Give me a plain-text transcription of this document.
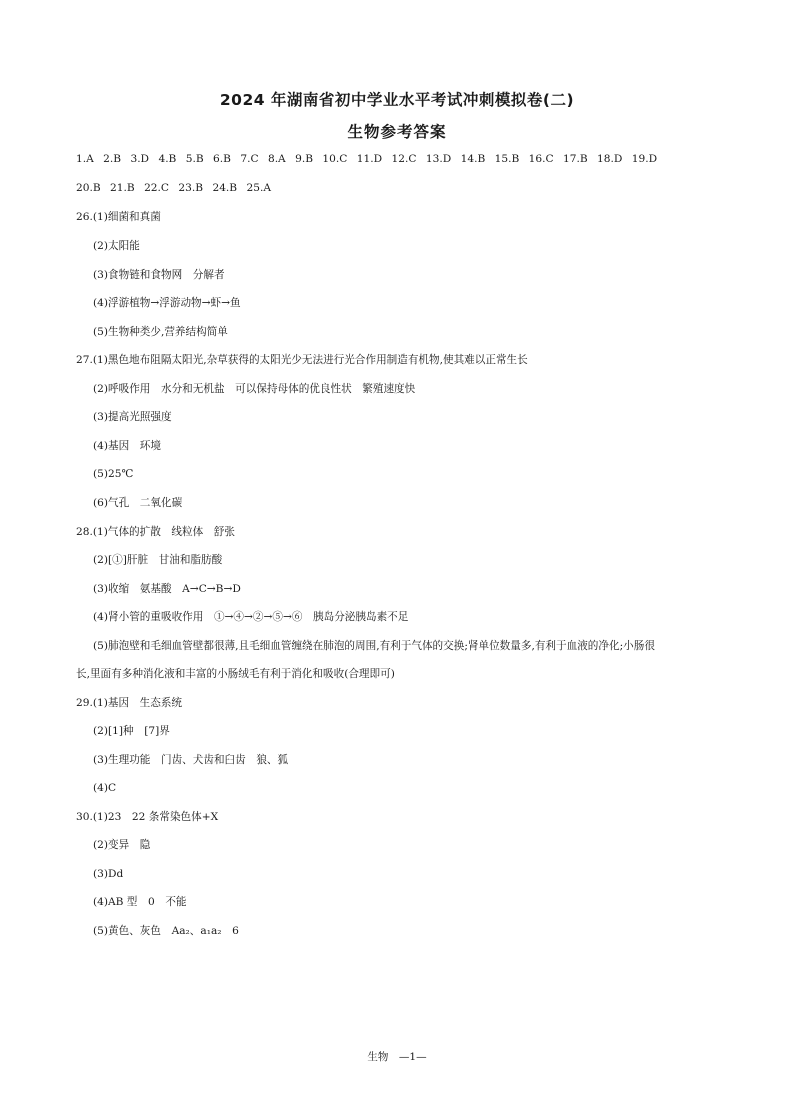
2024 年湖南省初中学业水平考试冲刺模拟卷(二)
生物参考答案
1.A 2.B 3.D 4.B 5.B 6.B 7.C 8.A 9.B 10.C 11.D 12.C 13.D 14.B 15.B 16.C 17.B 18.D 19.D
20.B 21.B 22.C 23.B 24.B 25.A
26.(1)细菌和真菌
(2)太阳能
(3)食物链和食物网　分解者
(4)浮游植物→浮游动物→虾→鱼
(5)生物种类少,营养结构简单
27.(1)黑色地布阻隔太阳光,杂草获得的太阳光少无法进行光合作用制造有机物,使其难以正常生长
(2)呼吸作用　水分和无机盐　可以保持母体的优良性状　繁殖速度快
(3)提高光照强度
(4)基因　环境
(5)25℃
(6)气孔　二氧化碳
28.(1)气体的扩散　线粒体　舒张
(2)[①]肝脏　甘油和脂肪酸
(3)收缩　氨基酸　A→C→B→D
(4)肾小管的重吸收作用　①→④→②→⑤→⑥　胰岛分泌胰岛素不足
(5)肺泡壁和毛细血管壁都很薄,且毛细血管缠绕在肺泡的周围,有利于气体的交换;肾单位数量多,有利于血液的净化;小肠很
长,里面有多种消化液和丰富的小肠绒毛有利于消化和吸收(合理即可)
29.(1)基因　生态系统
(2)[1]种　[7]界
(3)生理功能　门齿、犬齿和臼齿　狼、狐
(4)C
30.(1)23　22 条常染色体+X
(2)变异　隐
(3)Dd
(4)AB 型　0　不能
(5)黄色、灰色　Aa₂、a₁a₂　6
生物　—1—
